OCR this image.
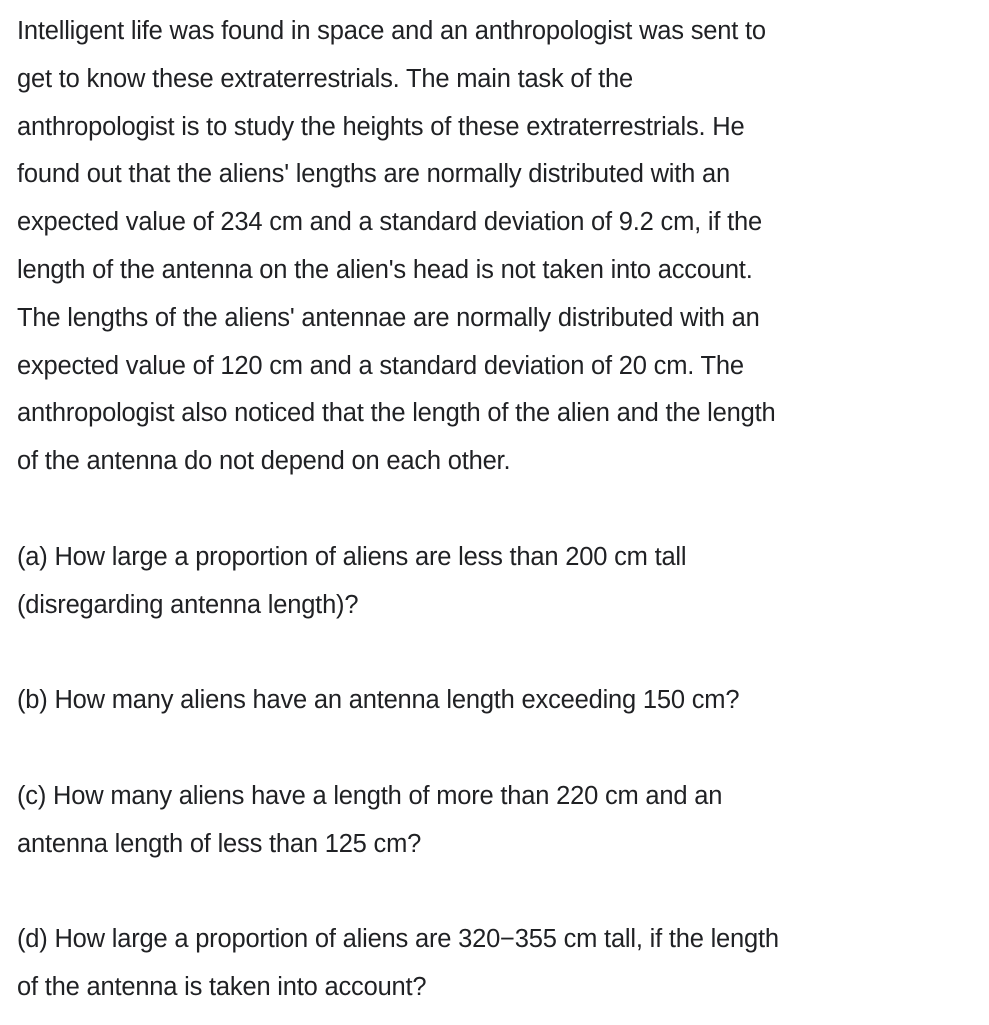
Intelligent life was found in space and an anthropologist was sent to
get to know these extraterrestrials. The main task of the
anthropologist is to study the heights of these extraterrestrials. He
found out that the aliens' lengths are normally distributed with an
expected value of 234 cm and a standard deviation of 9.2 cm, if the
length of the antenna on the alien's head is not taken into account.
The lengths of the aliens' antennae are normally distributed with an
expected value of 120 cm and a standard deviation of 20 cm. The
anthropologist also noticed that the length of the alien and the length
of the antenna do not depend on each other.

(a) How large a proportion of aliens are less than 200 cm tall
(disregarding antenna length)?

(b) How many aliens have an antenna length exceeding 150 cm?

(c) How many aliens have a length of more than 220 cm and an
antenna length of less than 125 cm?

(d) How large a proportion of aliens are 320−355 cm tall, if the length
of the antenna is taken into account?
